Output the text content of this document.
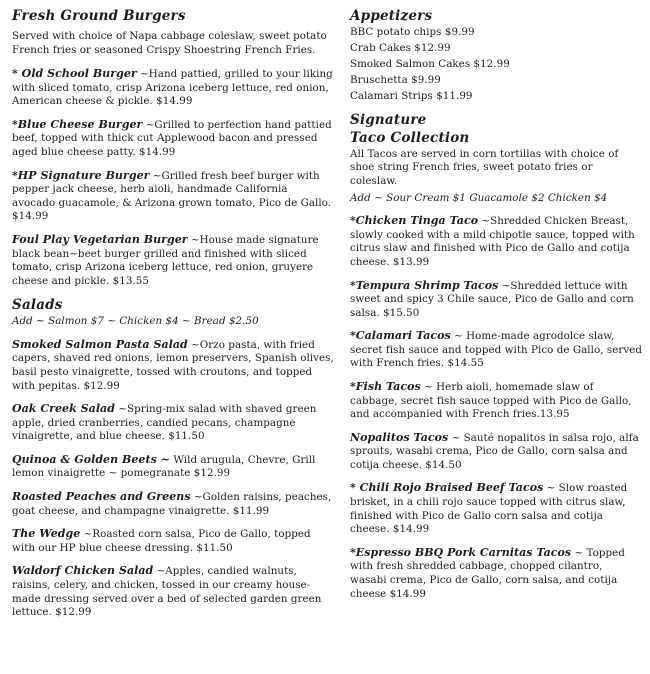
Fresh Ground Burgers

Served with choice of Napa cabbage coleslaw, sweet potato French fries or seasoned Crispy Shoestring French Fries.

* Old School Burger ~Hand pattied, grilled to your liking with sliced tomato, crisp Arizona iceberg lettuce, red onion, American cheese & pickle. $14.99

*Blue Cheese Burger ~Grilled to perfection hand pattied beef, topped with thick cut Applewood bacon and pressed aged blue cheese patty. $14.99

*HP Signature Burger ~Grilled fresh beef burger with pepper jack cheese, herb aioli, handmade California avocado guacamole, & Arizona grown tomato, Pico de Gallo. $14.99

Foul Play Vegetarian Burger ~House made signature black bean~beet burger grilled and finished with sliced tomato, crisp Arizona iceberg lettuce, red onion, gruyere cheese and pickle. $13.55

Salads

Add ~ Salmon $7 ~ Chicken $4 ~ Bread $2.50

Smoked Salmon Pasta Salad ~Orzo pasta, with fried capers, shaved red onions, lemon preservers, Spanish olives, basil pesto vinaigrette, tossed with croutons, and topped with pepitas. $12.99

Oak Creek Salad ~Spring-mix salad with shaved green apple, dried cranberries, candied pecans, champagne vinaigrette, and blue cheese. $11.50

Quinoa & Golden Beets ~ Wild arugula, Chevre, Grill lemon vinaigrette ~ pomegranate $12.99

Roasted Peaches and Greens ~Golden raisins, peaches, goat cheese, and champagne vinaigrette. $11.99

The Wedge ~Roasted corn salsa, Pico de Gallo, topped with our HP blue cheese dressing. $11.50

Waldorf Chicken Salad ~Apples, candied walnuts, raisins, celery, and chicken, tossed in our creamy house-made dressing served over a bed of selected garden green lettuce. $12.99

Appetizers

BBC potato chips $9.99

Crab Cakes $12.99

Smoked Salmon Cakes $12.99

Bruschetta $9.99

Calamari Strips $11.99

Signature
Taco Collection

All Tacos are served in corn tortillas with choice of shoe string French fries, sweet potato fries or coleslaw.

Add ~ Sour Cream $1 Guacamole $2 Chicken $4

*Chicken Tinga Taco ~Shredded Chicken Breast, slowly cooked with a mild chipotle sauce, topped with citrus slaw and finished with Pico de Gallo and cotija cheese. $13.99

*Tempura Shrimp Tacos ~Shredded lettuce with sweet and spicy 3 Chile sauce, Pico de Gallo and corn salsa. $15.50

*Calamari Tacos ~ Home-made agrodolce slaw, secret fish sauce and topped with Pico de Gallo, served with French fries. $14.55

*Fish Tacos ~ Herb aioli, homemade slaw of cabbage, secret fish sauce topped with Pico de Gallo, and accompanied with French fries.13.95

Nopalitos Tacos ~ Sauté nopalitos in salsa rojo, alfa sprouts, wasabi crema, Pico de Gallo, corn salsa and cotija cheese. $14.50

* Chili Rojo Braised Beef Tacos ~ Slow roasted brisket, in a chili rojo sauce topped with citrus slaw, finished with Pico de Gallo corn salsa and cotija cheese. $14.99

*Espresso BBQ Pork Carnitas Tacos ~ Topped with fresh shredded cabbage, chopped cilantro, wasabi crema, Pico de Gallo, corn salsa, and cotija cheese $14.99
